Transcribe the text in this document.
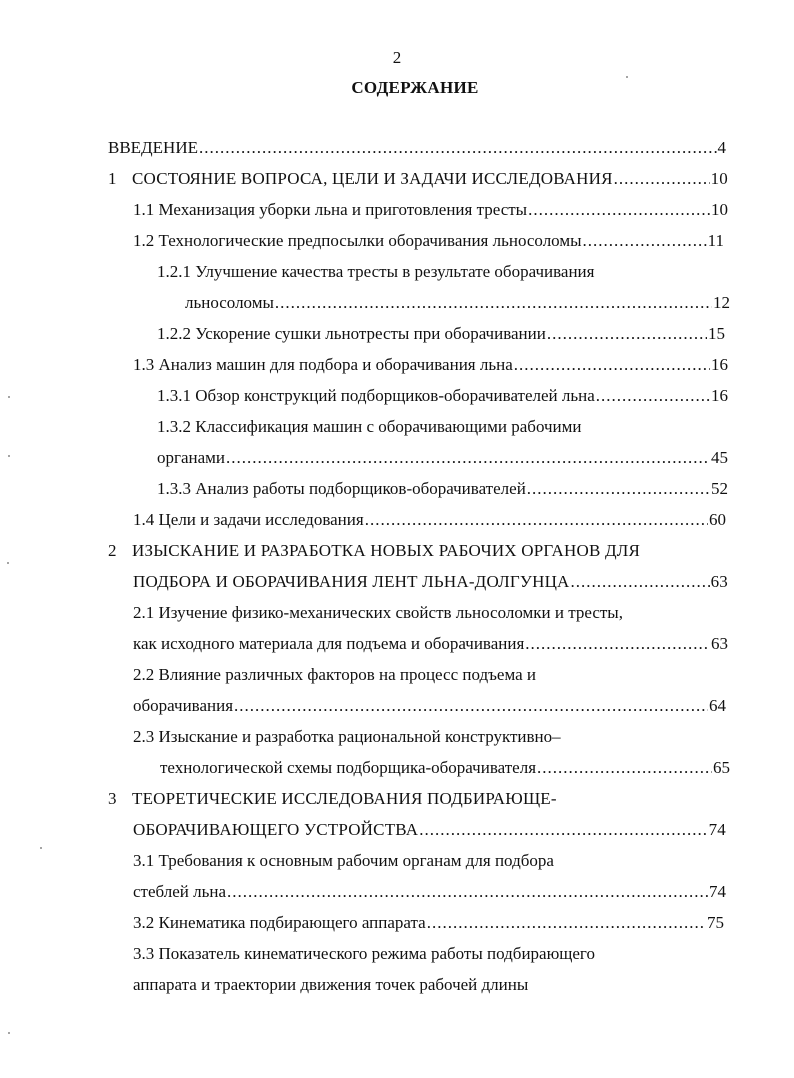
2
СОДЕРЖАНИЕ
ВВЕДЕНИЕ .....	4
1 СОСТОЯНИЕ ВОПРОСА, ЦЕЛИ И ЗАДАЧИ ИССЛЕДОВАНИЯ .....	10
1.1 Механизация уборки льна и приготовления тресты .....	10
1.2 Технологические предпосылки оборачивания льносоломы .....	11
1.2.1 Улучшение качества тресты в результате оборачивания
льносоломы .....	12
1.2.2 Ускорение сушки льнотресты при оборачивании .....	15
1.3 Анализ машин для подбора и оборачивания льна .....	16
1.3.1 Обзор конструкций подборщиков-оборачивателей льна .....	16
1.3.2 Классификация машин с оборачивающими рабочими
органами .....	45
1.3.3 Анализ работы подборщиков-оборачивателей .....	52
1.4 Цели и задачи исследования .....	60
2 ИЗЫСКАНИЕ И РАЗРАБОТКА НОВЫХ РАБОЧИХ ОРГАНОВ ДЛЯ
ПОДБОРА И ОБОРАЧИВАНИЯ ЛЕНТ ЛЬНА-ДОЛГУНЦА .....	63
2.1 Изучение физико-механических свойств льносоломки и тресты,
как исходного материала для подъема и оборачивания .....	63
2.2 Влияние различных факторов на процесс подъема и
оборачивания .....	64
2.3 Изыскание и разработка рациональной конструктивно–
технологической схемы подборщика-оборачивателя .....	65
3 ТЕОРЕТИЧЕСКИЕ ИССЛЕДОВАНИЯ ПОДБИРАЮЩЕ-
ОБОРАЧИВАЮЩЕГО УСТРОЙСТВА .....	74
3.1 Требования к основным рабочим органам для подбора
стеблей льна .....	74
3.2 Кинематика подбирающего аппарата .....	75
3.3 Показатель кинематического режима работы подбирающего
аппарата и траектории движения точек рабочей длины
